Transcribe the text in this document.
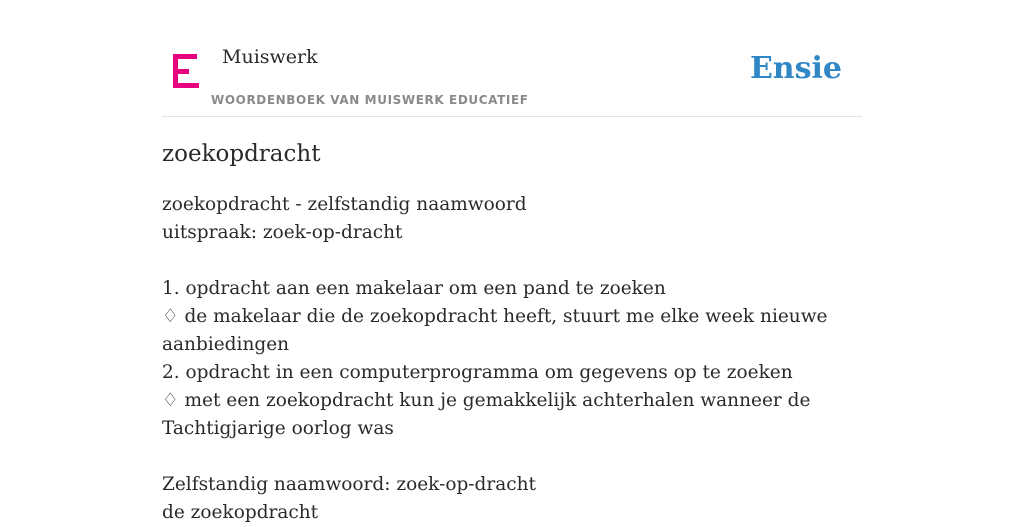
Muiswerk
WOORDENBOEK VAN MUISWERK EDUCATIEF
Ensie
zoekopdracht
zoekopdracht - zelfstandig naamwoord
uitspraak: zoek-op-dracht
1. opdracht aan een makelaar om een pand te zoeken
♢ de makelaar die de zoekopdracht heeft, stuurt me elke week nieuwe
aanbiedingen
2. opdracht in een computerprogramma om gegevens op te zoeken
♢ met een zoekopdracht kun je gemakkelijk achterhalen wanneer de
Tachtigjarige oorlog was
Zelfstandig naamwoord: zoek-op-dracht
de zoekopdracht
